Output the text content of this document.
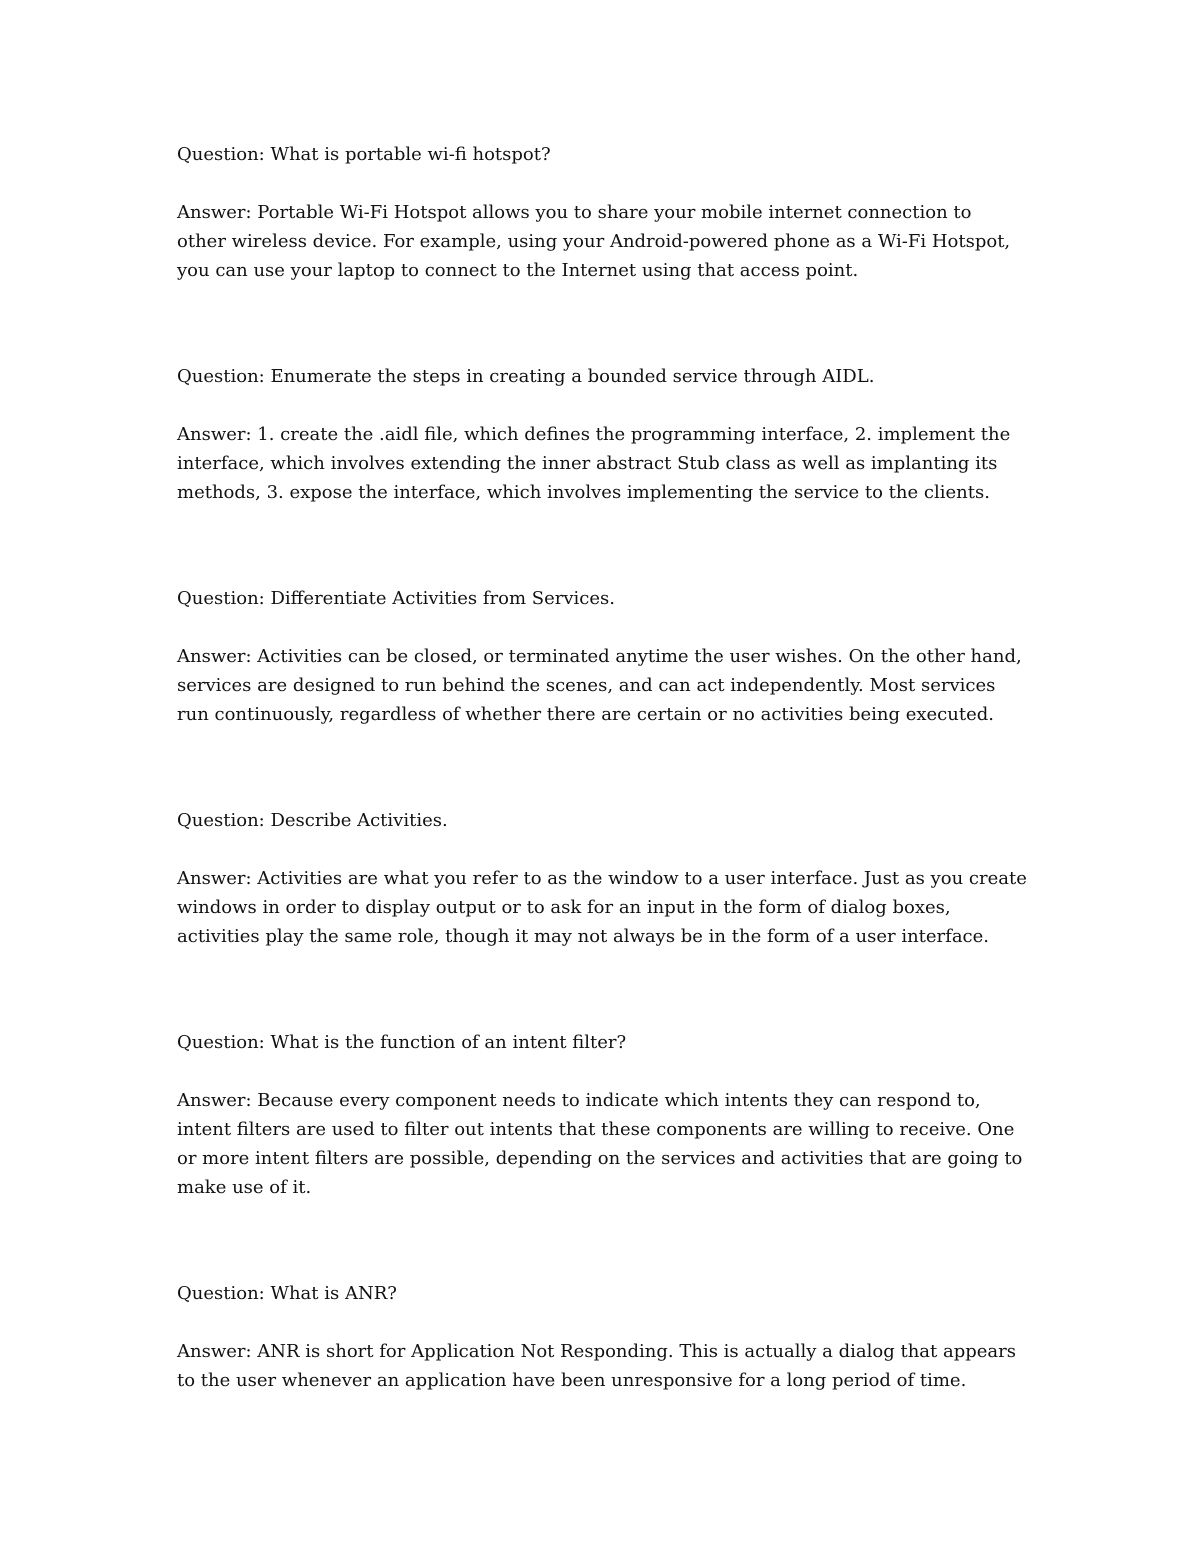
Question: What is portable wi-fi hotspot?

Answer: Portable Wi-Fi Hotspot allows you to share your mobile internet connection to
other wireless device. For example, using your Android-powered phone as a Wi-Fi Hotspot,
you can use your laptop to connect to the Internet using that access point.

Question: Enumerate the steps in creating a bounded service through AIDL.

Answer: 1. create the .aidl file, which defines the programming interface, 2. implement the
interface, which involves extending the inner abstract Stub class as well as implanting its
methods, 3. expose the interface, which involves implementing the service to the clients.

Question: Differentiate Activities from Services.

Answer: Activities can be closed, or terminated anytime the user wishes. On the other hand,
services are designed to run behind the scenes, and can act independently. Most services
run continuously, regardless of whether there are certain or no activities being executed.

Question: Describe Activities.

Answer: Activities are what you refer to as the window to a user interface. Just as you create
windows in order to display output or to ask for an input in the form of dialog boxes,
activities play the same role, though it may not always be in the form of a user interface.

Question: What is the function of an intent filter?

Answer: Because every component needs to indicate which intents they can respond to,
intent filters are used to filter out intents that these components are willing to receive. One
or more intent filters are possible, depending on the services and activities that are going to
make use of it.

Question: What is ANR?

Answer: ANR is short for Application Not Responding. This is actually a dialog that appears
to the user whenever an application have been unresponsive for a long period of time.
